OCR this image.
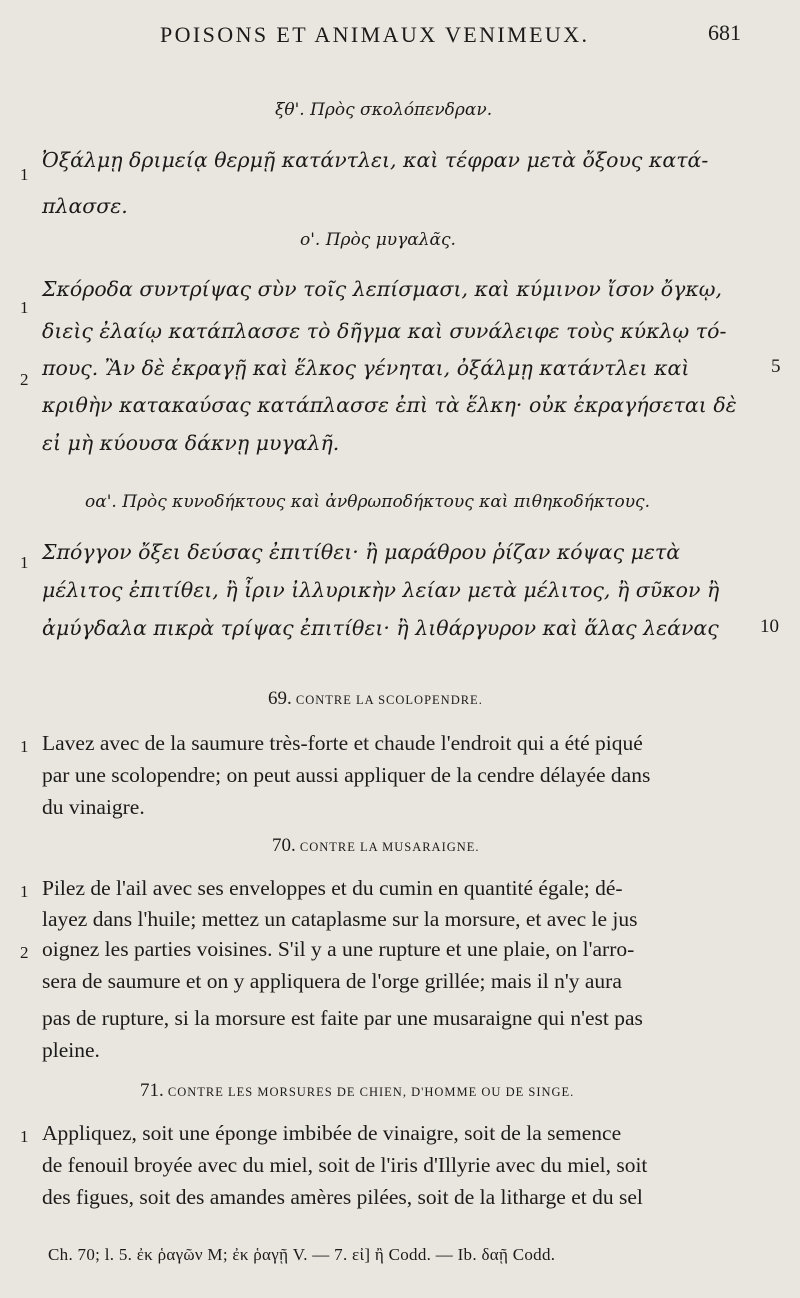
POISONS ET ANIMAUX VENIMEUX.	681
ξθ'. Πρὸς σκολόπενδραν.
1
Ὀξάλμῃ δριμείᾳ θερμῇ κατάντλει, καὶ τέφραν μετὰ ὄξους κατά-
πλασσε.
ο'. Πρὸς μυγαλᾶς.
1
Σκόροδα συντρίψας σὺν τοῖς λεπίσμασι, καὶ κύμινον ἴσον ὄγκῳ,
διεὶς ἐλαίῳ κατάπλασσε τὸ δῆγμα καὶ συνάλειφε τοὺς κύκλῳ τό-
2 πους. Ἂν δὲ ἐκραγῇ καὶ ἕλκος γένηται, ὀξάλμῃ κατάντλει καὶ	5
κριθὴν κατακαύσας κατάπλασσε ἐπὶ τὰ ἕλκη· οὐκ ἐκραγήσεται δὲ
εἰ μὴ κύουσα δάκνῃ μυγαλῆ.
οα'. Πρὸς κυνοδήκτους καὶ ἀνθρωποδήκτους καὶ πιθηκοδήκτους.
1 Σπόγγον ὄξει δεύσας ἐπιτίθει· ἢ μαράθρου ῥίζαν κόψας μετὰ
μέλιτος ἐπιτίθει, ἢ ἶριν ἰλλυρικὴν λείαν μετὰ μέλιτος, ἢ σῦκον ἢ
ἀμύγδαλα πικρὰ τρίψας ἐπιτίθει· ἢ λιθάργυρον καὶ ἅλας λεάνας 10
69. CONTRE LA SCOLOPENDRE.
1 Lavez avec de la saumure très-forte et chaude l'endroit qui a été piqué
par une scolopendre; on peut aussi appliquer de la cendre délayée dans
du vinaigre.
70. CONTRE LA MUSARAIGNE.
1 Pilez de l'ail avec ses enveloppes et du cumin en quantité égale; dé-
layez dans l'huile; mettez un cataplasme sur la morsure, et avec le jus
2 oignez les parties voisines. S'il y a une rupture et une plaie, on l'arro-
sera de saumure et on y appliquera de l'orge grillée; mais il n'y aura
pas de rupture, si la morsure est faite par une musaraigne qui n'est pas
pleine.
71. CONTRE LES MORSURES DE CHIEN, D'HOMME OU DE SINGE.
1 Appliquez, soit une éponge imbibée de vinaigre, soit de la semence
de fenouil broyée avec du miel, soit de l'iris d'Illyrie avec du miel, soit
des figues, soit des amandes amères pilées, soit de la litharge et du sel
Ch. 70; l. 5. ἐκ ῥαγῶν M; ἐκ ῥαγῇ V. — 7. εἰ] ἢ Codd. — Ib. δαῇ Codd.
